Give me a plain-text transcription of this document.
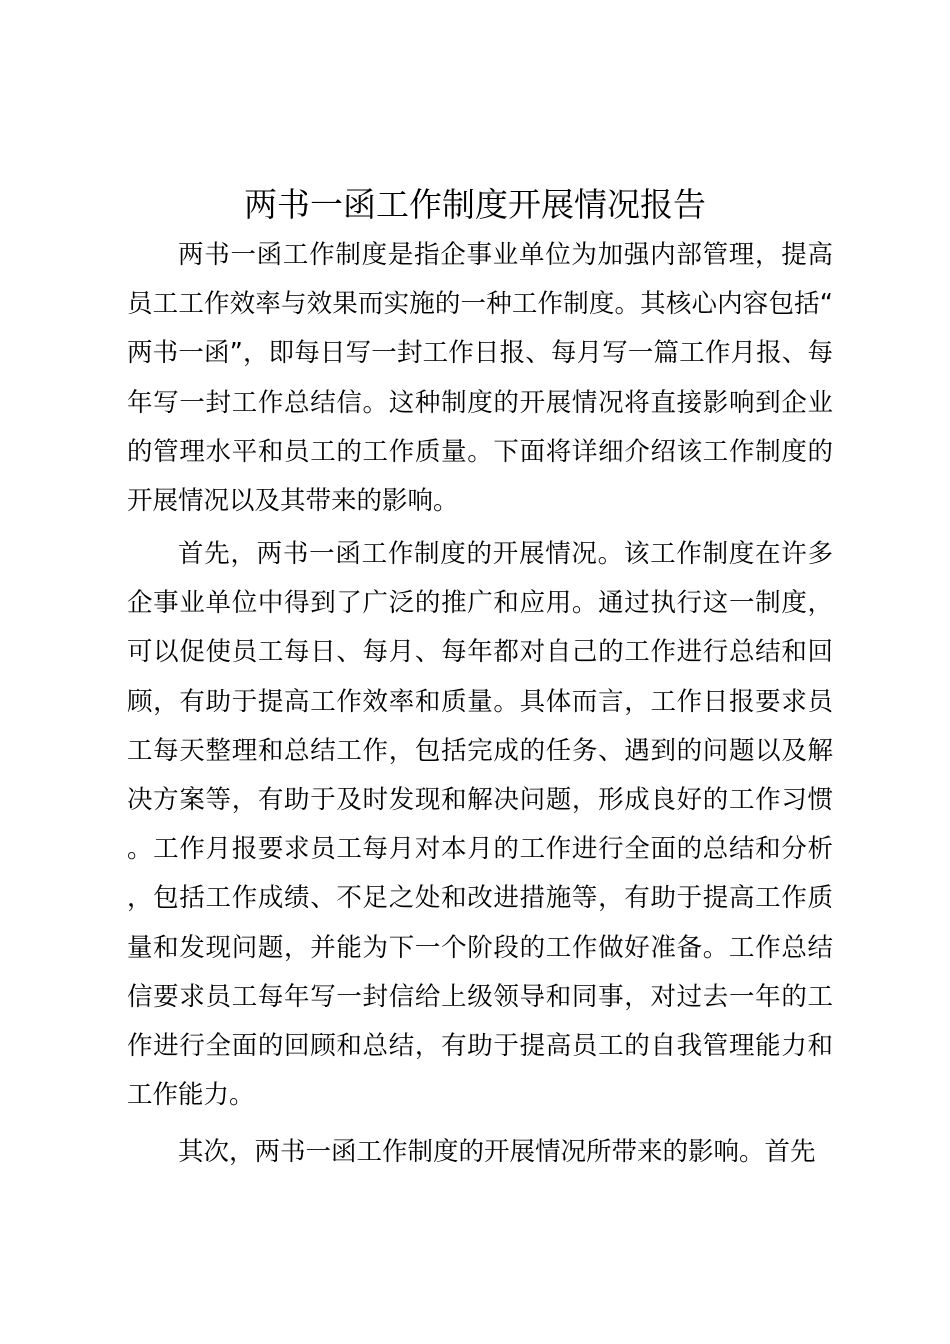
两书一函工作制度开展情况报告

两书一函工作制度是指企事业单位为加强内部管理，提高员工工作效率与效果而实施的一种工作制度。其核心内容包括“两书一函”，即每日写一封工作日报、每月写一篇工作月报、每年写一封工作总结信。这种制度的开展情况将直接影响到企业的管理水平和员工的工作质量。下面将详细介绍该工作制度的开展情况以及其带来的影响。

首先，两书一函工作制度的开展情况。该工作制度在许多企事业单位中得到了广泛的推广和应用。通过执行这一制度，可以促使员工每日、每月、每年都对自己的工作进行总结和回顾，有助于提高工作效率和质量。具体而言，工作日报要求员工每天整理和总结工作，包括完成的任务、遇到的问题以及解决方案等，有助于及时发现和解决问题，形成良好的工作习惯。工作月报要求员工每月对本月的工作进行全面的总结和分析，包括工作成绩、不足之处和改进措施等，有助于提高工作质量和发现问题，并能为下一个阶段的工作做好准备。工作总结信要求员工每年写一封信给上级领导和同事，对过去一年的工作进行全面的回顾和总结，有助于提高员工的自我管理能力和工作能力。

其次，两书一函工作制度的开展情况所带来的影响。首先
